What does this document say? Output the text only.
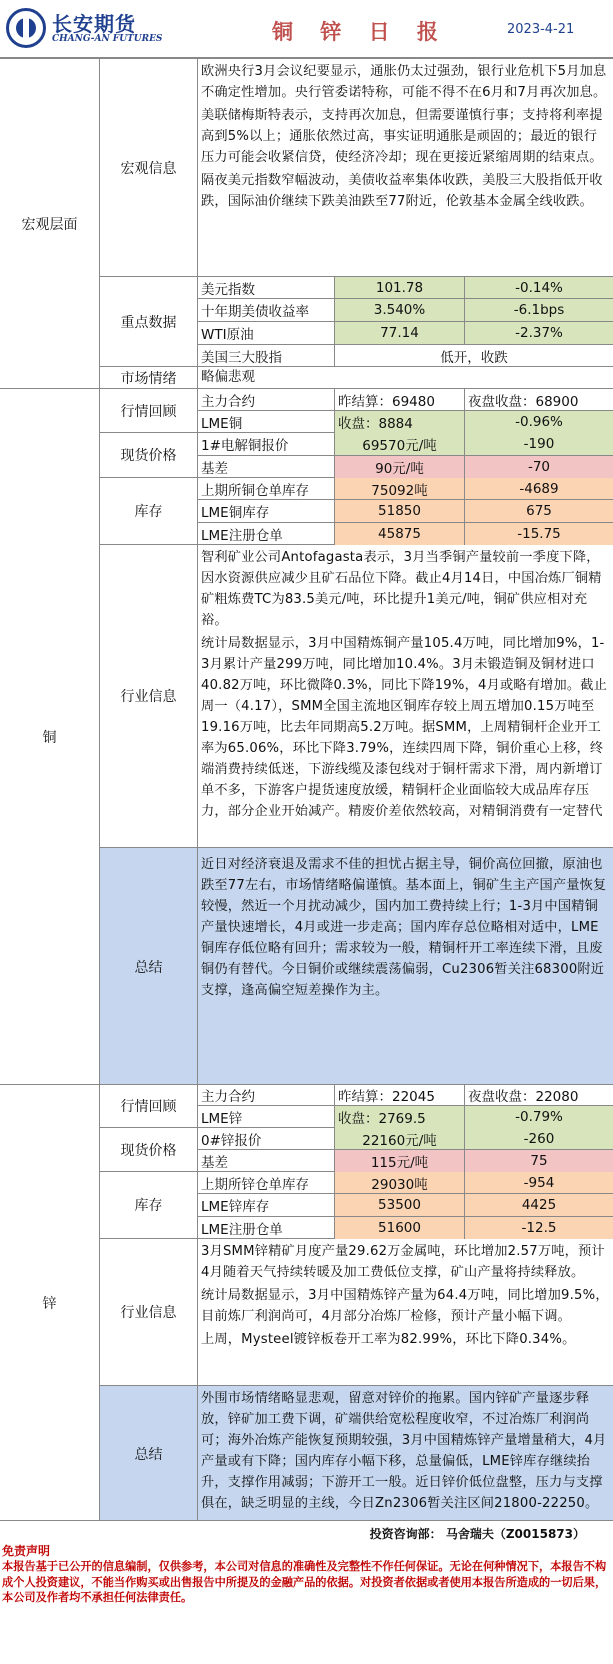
长安期货
CHANG-AN FUTURES	铜 锌 日 报	2023-4-21
宏观层面
宏观信息

欧洲央行3月会议纪要显示，通胀仍太过强劲，银行业危机下5月加息不确定性增加。央行管委诺特称，可能不得不在6月和7月再次加息。

美联储梅斯特表示，支持再次加息，但需要谨慎行事；支持将利率提高到5%以上；通胀依然过高，事实证明通胀是顽固的；最近的银行压力可能会收紧信贷，使经济冷却；现在更接近紧缩周期的结束点。

隔夜美元指数窄幅波动，美债收益率集体收跌，美股三大股指低开收跌，国际油价继续下跌美油跌至77附近，伦敦基本金属全线收跌。

重点数据
美元指数	101.78	-0.14%
十年期美债收益率	3.540%	-6.1bps
WTI原油	77.14	-2.37%
美国三大股指	低开，收跌
市场情绪	略偏悲观
铜
行情回顾
主力合约	昨结算：69480	夜盘收盘：68900
LME铜	收盘：8884	-0.96%
现货价格
1#电解铜报价	69570元/吨	-190
基差	90元/吨	-70
库存
上期所铜仓单库存	75092吨	-4689
LME铜库存	51850	675
LME注册仓单	45875	-15.75
行业信息

智利矿业公司Antofagasta表示，3月当季铜产量较前一季度下降，因水资源供应减少且矿石品位下降。截止4月14日，中国冶炼厂铜精矿粗炼费TC为83.5美元/吨，环比提升1美元/吨，铜矿供应相对充裕。

统计局数据显示，3月中国精炼铜产量105.4万吨，同比增加9%，1-3月累计产量299万吨，同比增加10.4%。3月未锻造铜及铜材进口40.82万吨，环比微降0.3%，同比下降19%，4月或略有增加。截止周一（4.17），SMM全国主流地区铜库存较上周五增加0.15万吨至19.16万吨，比去年同期高5.2万吨。据SMM，上周精铜杆企业开工率为65.06%，环比下降3.79%，连续四周下降，铜价重心上移，终端消费持续低迷，下游线缆及漆包线对于铜杆需求下滑，周内新增订单不多，下游客户提货速度放缓，精铜杆企业面临较大成品库存压力，部分企业开始减产。精废价差依然较高，对精铜消费有一定替代

总结

近日对经济衰退及需求不佳的担忧占据主导，铜价高位回撤，原油也跌至77左右，市场情绪略偏谨慎。基本面上，铜矿生主产国产量恢复较慢，然近一个月扰动减少，国内加工费持续上行；1-3月中国精铜产量快速增长，4月或进一步走高；国内库存总位略相对适中，LME铜库存低位略有回升；需求较为一般，精铜杆开工率连续下滑，且废铜仍有替代。今日铜价或继续震荡偏弱，Cu2306暂关注68300附近支撑，逢高偏空短差操作为主。

锌
行情回顾
主力合约	昨结算：22045	夜盘收盘：22080
LME锌	收盘：2769.5	-0.79%
现货价格
0#锌报价	22160元/吨	-260
基差	115元/吨	75
库存
上期所锌仓单库存	29030吨	-954
LME锌库存	53500	4425
LME注册仓单	51600	-12.5
行业信息

3月SMM锌精矿月度产量29.62万金属吨，环比增加2.57万吨，预计4月随着天气持续转暖及加工费低位支撑，矿山产量将持续释放。

统计局数据显示，3月中国精炼锌产量为64.4万吨，同比增加9.5%，目前炼厂利润尚可，4月部分冶炼厂检修，预计产量小幅下调。

上周，Mysteel镀锌板卷开工率为82.99%，环比下降0.34%。

总结

外围市场情绪略显悲观，留意对锌价的拖累。国内锌矿产量逐步释放，锌矿加工费下调，矿端供给宽松程度收窄，不过冶炼厂利润尚可；海外冶炼产能恢复预期较强，3月中国精炼锌产量增量稍大，4月产量或有下降；国内库存小幅下移，总量偏低，LME锌库存继续抬升，支撑作用减弱；下游开工一般。近日锌价低位盘整，压力与支撑俱在，缺乏明显的主线，今日Zn2306暂关注区间21800-22250。

投资咨询部： 马舍瑞夫（Z0015873）
免责声明
本报告基于已公开的信息编制，仅供参考，本公司对信息的准确性及完整性不作任何保证。无论在何种情况下，本报告不构成个人投资建议，不能当作购买或出售报告中所提及的金融产品的依据。对投资者依据或者使用本报告所造成的一切后果，本公司及作者均不承担任何法律责任。
